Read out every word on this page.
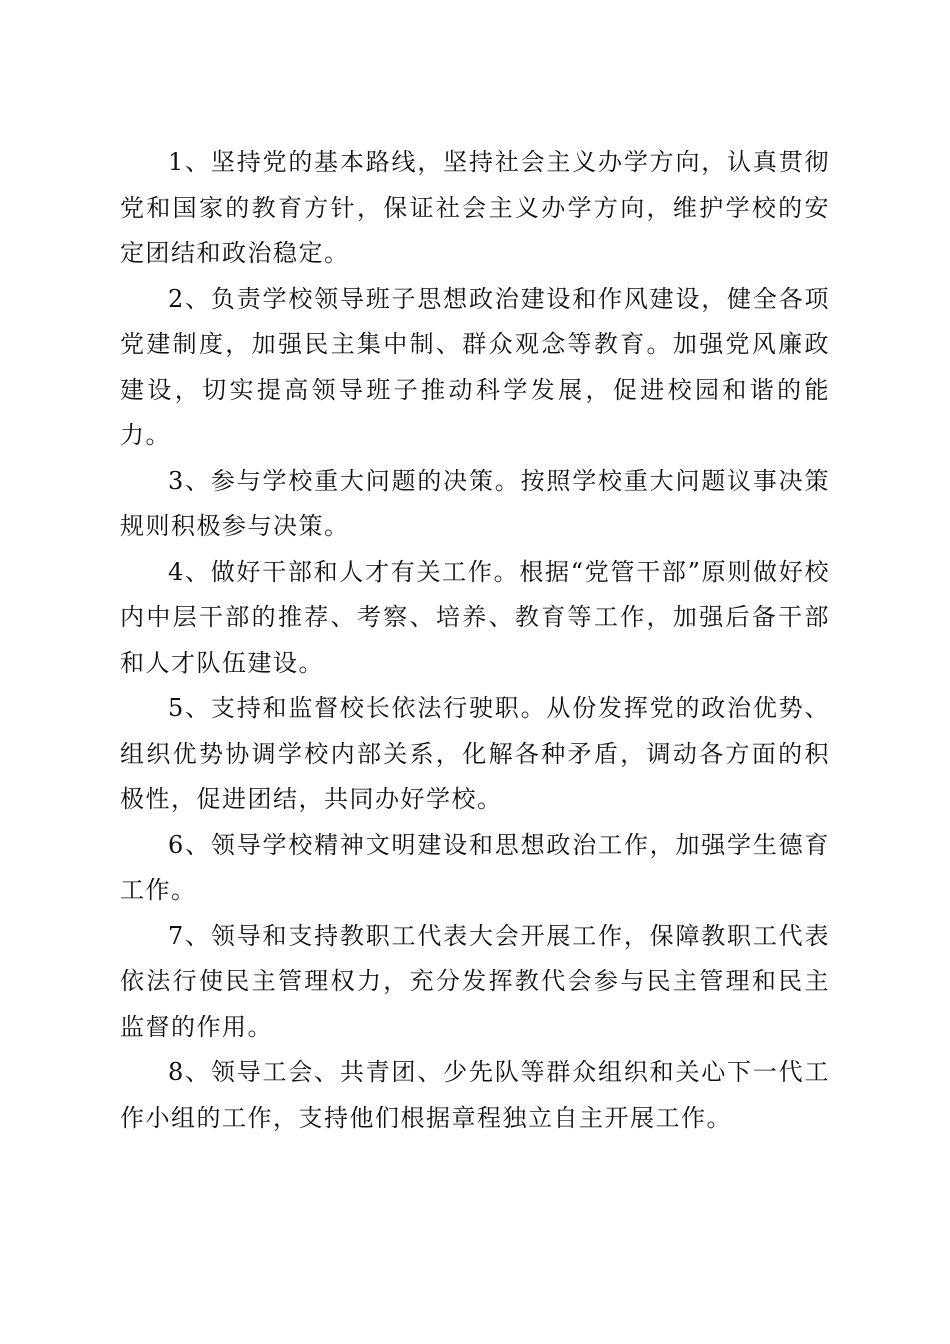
1、坚持党的基本路线，坚持社会主义办学方向，认真贯彻党和国家的教育方针，保证社会主义办学方向，维护学校的安定团结和政治稳定。

2、负责学校领导班子思想政治建设和作风建设，健全各项党建制度，加强民主集中制、群众观念等教育。加强党风廉政建设，切实提高领导班子推动科学发展，促进校园和谐的能力。

3、参与学校重大问题的决策。按照学校重大问题议事决策规则积极参与决策。

4、做好干部和人才有关工作。根据“党管干部”原则做好校内中层干部的推荐、考察、培养、教育等工作，加强后备干部和人才队伍建设。

5、支持和监督校长依法行驶职。从份发挥党的政治优势、组织优势协调学校内部关系，化解各种矛盾，调动各方面的积极性，促进团结，共同办好学校。

6、领导学校精神文明建设和思想政治工作，加强学生德育工作。

7、领导和支持教职工代表大会开展工作，保障教职工代表依法行使民主管理权力，充分发挥教代会参与民主管理和民主监督的作用。

8、领导工会、共青团、少先队等群众组织和关心下一代工作小组的工作，支持他们根据章程独立自主开展工作。
